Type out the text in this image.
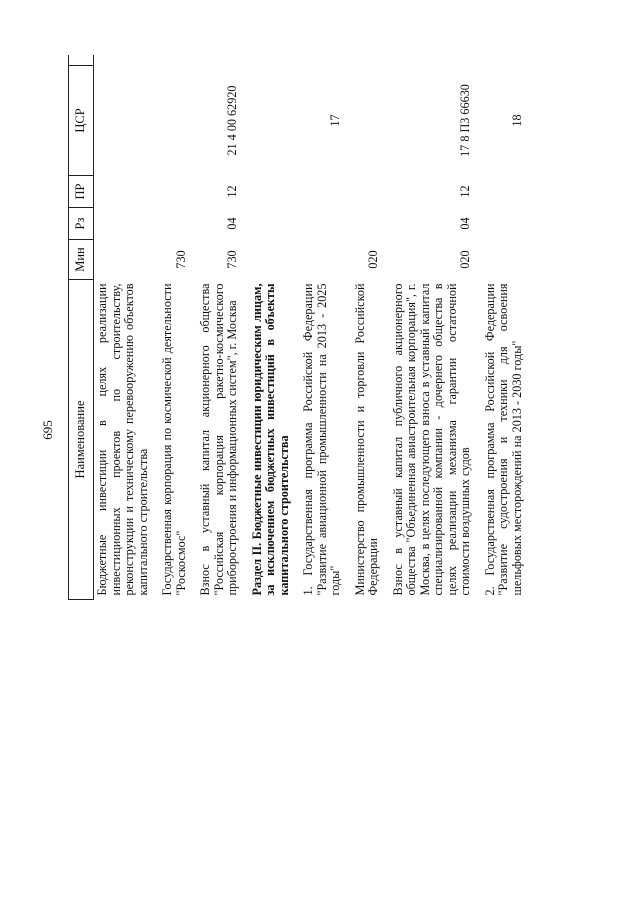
695 Наименование	Мин	Рз	ПР	ЦСР	
Бюджетные инвестиции в целях реализации инвестиционных проектов по строительству, реконструкции и техническому перевооружению объектов капитального строительства					
Государственная корпорация по космической деятельности "Роскосмос"	730				
Взнос в уставный капитал акционерного общества "Российская корпорация ракетно-космического приборостроения и информационных систем", г. Москва	730	04	12	21 4 00 62920	
Раздел II. Бюджетные инвестиции юридическим лицам, за исключением бюджетных инвестиций в объекты капитального строительства					
1. Государственная программа Российской Федерации "Развитие авиационной промышленности на 2013 - 2025 годы"				17	
Министерство промышленности и торговли Российской Федерации	020				
Взнос в уставный капитал публичного акционерного общества "Объединенная авиастроительная корпорация", г. Москва, в целях последующего взноса в уставный капитал специализированной компании - дочернего общества в целях реализации механизма гарантии остаточной стоимости воздушных судов	020	04	12	17 8 П3 66630	
2. Государственная программа Российской Федерации "Развитие судостроения и техники для освоения шельфовых месторождений на 2013 - 2030 годы"				18	
